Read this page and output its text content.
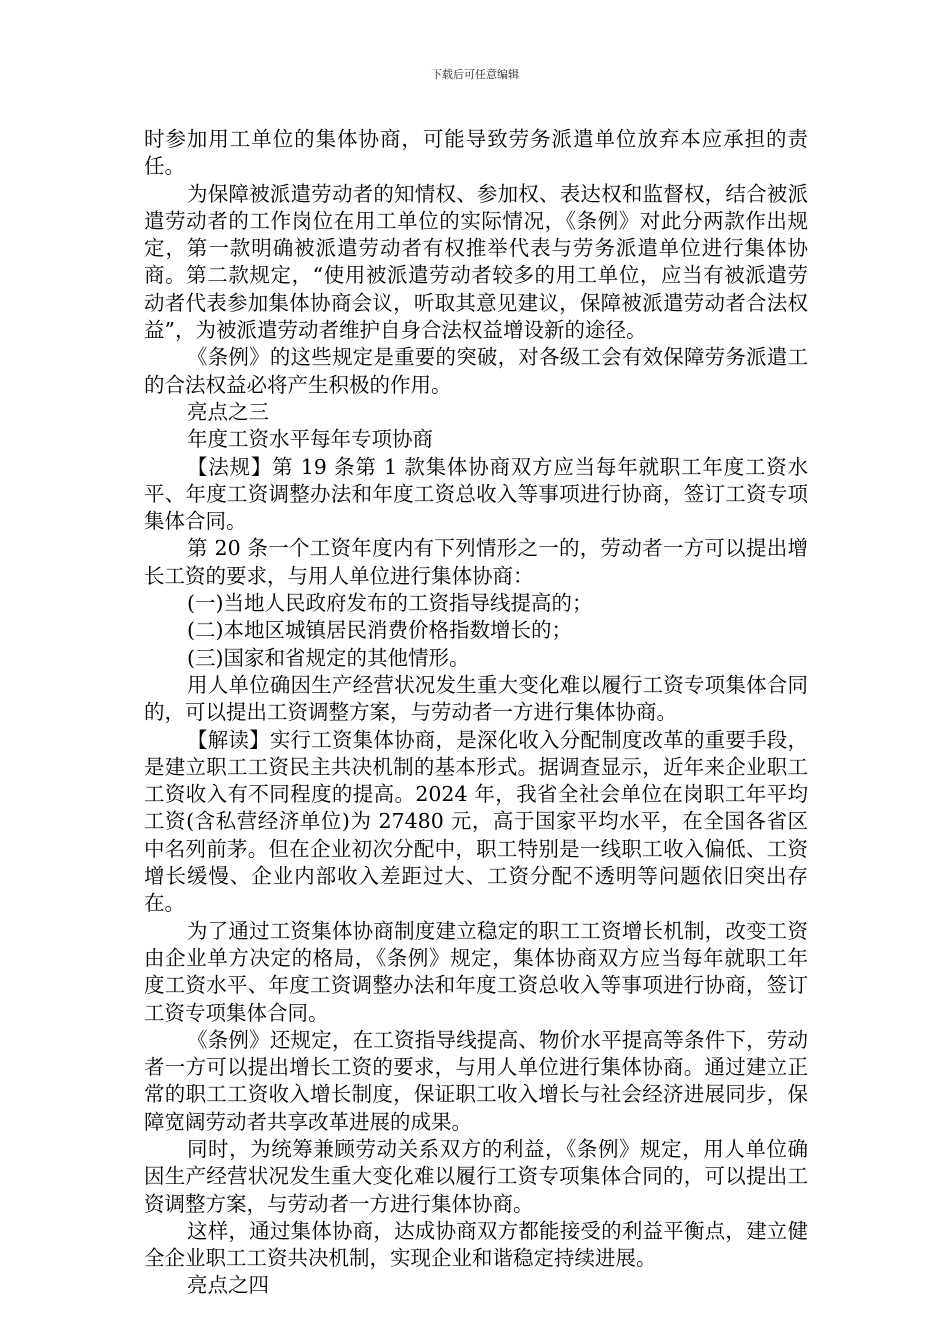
下载后可任意编辑

时参加用工单位的集体协商，可能导致劳务派遣单位放弃本应承担的责任。

为保障被派遣劳动者的知情权、参加权、表达权和监督权，结合被派遣劳动者的工作岗位在用工单位的实际情况，《条例》对此分两款作出规定，第一款明确被派遣劳动者有权推举代表与劳务派遣单位进行集体协商。第二款规定，“使用被派遣劳动者较多的用工单位，应当有被派遣劳动者代表参加集体协商会议，听取其意见建议，保障被派遣劳动者合法权益”，为被派遣劳动者维护自身合法权益增设新的途径。

《条例》的这些规定是重要的突破，对各级工会有效保障劳务派遣工的合法权益必将产生积极的作用。

亮点之三

年度工资水平每年专项协商

【法规】第 19 条第 1 款集体协商双方应当每年就职工年度工资水平、年度工资调整办法和年度工资总收入等事项进行协商，签订工资专项集体合同。

第 20 条一个工资年度内有下列情形之一的，劳动者一方可以提出增长工资的要求，与用人单位进行集体协商：

(一)当地人民政府发布的工资指导线提高的；

(二)本地区城镇居民消费价格指数增长的；

(三)国家和省规定的其他情形。

用人单位确因生产经营状况发生重大变化难以履行工资专项集体合同的，可以提出工资调整方案，与劳动者一方进行集体协商。

【解读】实行工资集体协商，是深化收入分配制度改革的重要手段，是建立职工工资民主共决机制的基本形式。据调查显示，近年来企业职工工资收入有不同程度的提高。2024 年，我省全社会单位在岗职工年平均工资(含私营经济单位)为 27480 元，高于国家平均水平，在全国各省区中名列前茅。但在企业初次分配中，职工特别是一线职工收入偏低、工资增长缓慢、企业内部收入差距过大、工资分配不透明等问题依旧突出存在。

为了通过工资集体协商制度建立稳定的职工工资增长机制，改变工资由企业单方决定的格局，《条例》规定，集体协商双方应当每年就职工年度工资水平、年度工资调整办法和年度工资总收入等事项进行协商，签订工资专项集体合同。

《条例》还规定，在工资指导线提高、物价水平提高等条件下，劳动者一方可以提出增长工资的要求，与用人单位进行集体协商。通过建立正常的职工工资收入增长制度，保证职工收入增长与社会经济进展同步，保障宽阔劳动者共享改革进展的成果。

同时，为统筹兼顾劳动关系双方的利益，《条例》规定，用人单位确因生产经营状况发生重大变化难以履行工资专项集体合同的，可以提出工资调整方案，与劳动者一方进行集体协商。

这样，通过集体协商，达成协商双方都能接受的利益平衡点，建立健全企业职工工资共决机制，实现企业和谐稳定持续进展。

亮点之四
